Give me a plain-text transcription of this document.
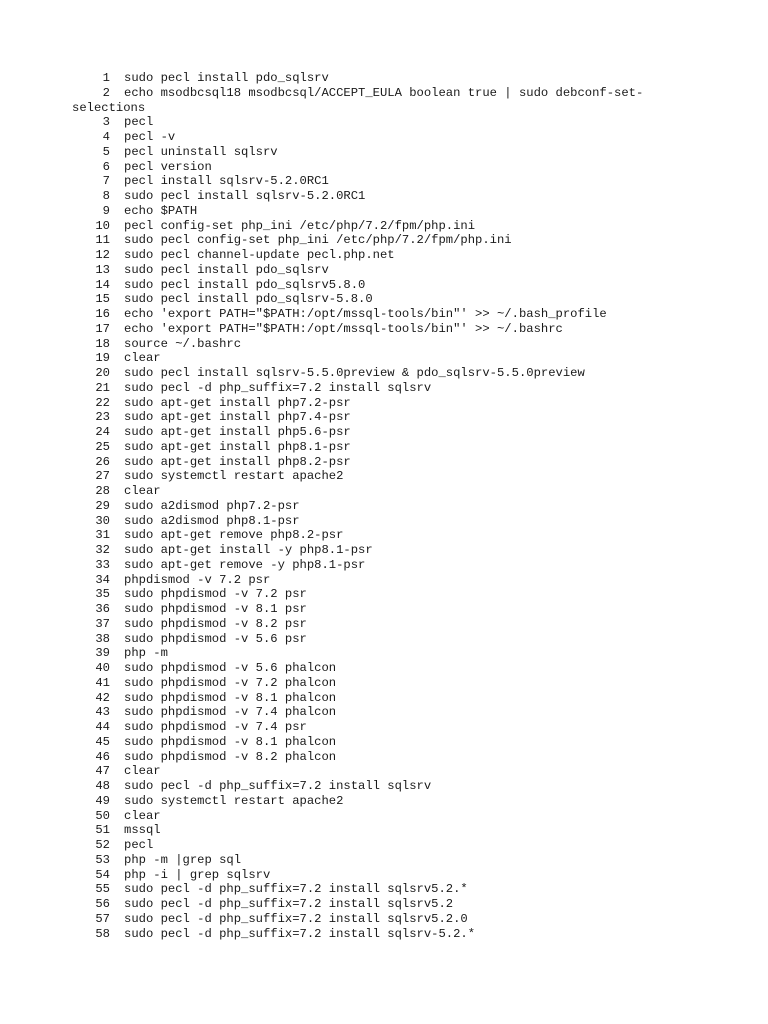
1 sudo pecl install pdo_sqlsrv
2 echo msodbcsql18 msodbcsql/ACCEPT_EULA boolean true | sudo debconf-set-
selections
3 pecl
4 pecl -v
5 pecl uninstall sqlsrv
6 pecl version
7 pecl install sqlsrv-5.2.0RC1
8 sudo pecl install sqlsrv-5.2.0RC1
9 echo $PATH
10 pecl config-set php_ini /etc/php/7.2/fpm/php.ini
11 sudo pecl config-set php_ini /etc/php/7.2/fpm/php.ini
12 sudo pecl channel-update pecl.php.net
13 sudo pecl install pdo_sqlsrv
14 sudo pecl install pdo_sqlsrv5.8.0
15 sudo pecl install pdo_sqlsrv-5.8.0
16 echo 'export PATH="$PATH:/opt/mssql-tools/bin"' >> ~/.bash_profile
17 echo 'export PATH="$PATH:/opt/mssql-tools/bin"' >> ~/.bashrc
18 source ~/.bashrc
19 clear
20 sudo pecl install sqlsrv-5.5.0preview & pdo_sqlsrv-5.5.0preview
21 sudo pecl -d php_suffix=7.2 install sqlsrv
22 sudo apt-get install php7.2-psr
23 sudo apt-get install php7.4-psr
24 sudo apt-get install php5.6-psr
25 sudo apt-get install php8.1-psr
26 sudo apt-get install php8.2-psr
27 sudo systemctl restart apache2
28 clear
29 sudo a2dismod php7.2-psr
30 sudo a2dismod php8.1-psr
31 sudo apt-get remove php8.2-psr
32 sudo apt-get install -y php8.1-psr
33 sudo apt-get remove -y php8.1-psr
34 phpdismod -v 7.2 psr
35 sudo phpdismod -v 7.2 psr
36 sudo phpdismod -v 8.1 psr
37 sudo phpdismod -v 8.2 psr
38 sudo phpdismod -v 5.6 psr
39 php -m
40 sudo phpdismod -v 5.6 phalcon
41 sudo phpdismod -v 7.2 phalcon
42 sudo phpdismod -v 8.1 phalcon
43 sudo phpdismod -v 7.4 phalcon
44 sudo phpdismod -v 7.4 psr
45 sudo phpdismod -v 8.1 phalcon
46 sudo phpdismod -v 8.2 phalcon
47 clear
48 sudo pecl -d php_suffix=7.2 install sqlsrv
49 sudo systemctl restart apache2
50 clear
51 mssql
52 pecl
53 php -m |grep sql
54 php -i | grep sqlsrv
55 sudo pecl -d php_suffix=7.2 install sqlsrv5.2.*
56 sudo pecl -d php_suffix=7.2 install sqlsrv5.2
57 sudo pecl -d php_suffix=7.2 install sqlsrv5.2.0
58 sudo pecl -d php_suffix=7.2 install sqlsrv-5.2.*
